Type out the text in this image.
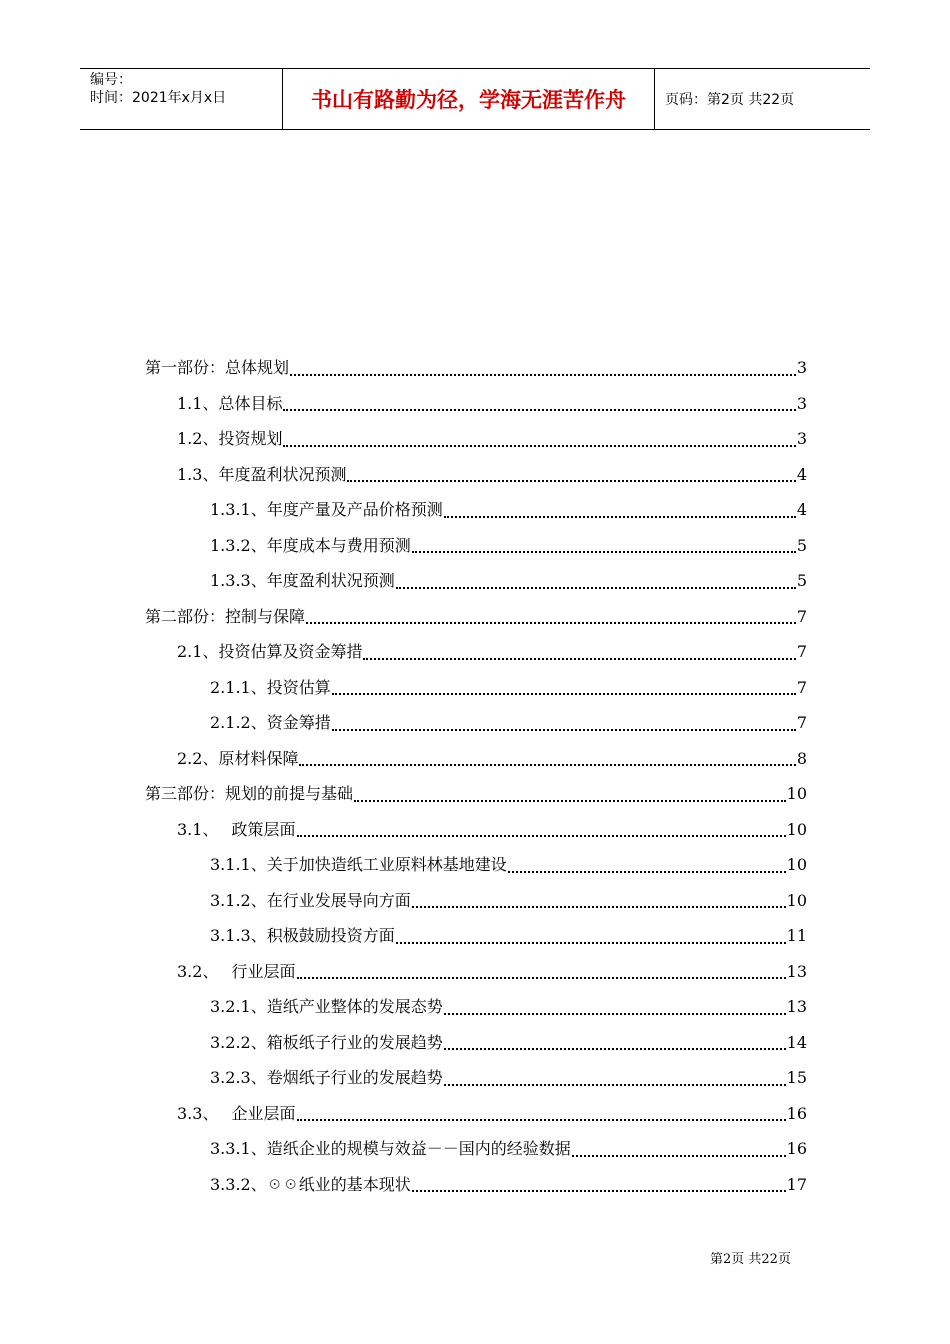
编号：
时间：2021年x月x日	书山有路勤为径，学海无涯苦作舟	页码：第2页 共22页
第一部份：总体规划	3
1.1、总体目标	3
1.2、投资规划	3
1.3、年度盈利状况预测	4
1.3.1、年度产量及产品价格预测	4
1.3.2、年度成本与费用预测	5
1.3.3、年度盈利状况预测	5
第二部份：控制与保障	7
2.1、投资估算及资金筹措	7
2.1.1、投资估算	7
2.1.2、资金筹措	7
2.2、原材料保障	8
第三部份：规划的前提与基础	10
3.1、　 政策层面	10
3.1.1、关于加快造纸工业原料林基地建设	10
3.1.2、在行业发展导向方面	10
3.1.3、积极鼓励投资方面	11
3.2、　 行业层面	13
3.2.1、造纸产业整体的发展态势	13
3.2.2、箱板纸子行业的发展趋势	14
3.2.3、卷烟纸子行业的发展趋势	15
3.3、　 企业层面	16
3.3.1、造纸企业的规模与效益－－国内的经验数据	16
3.3.2、☉☉纸业的基本现状	17
第2页 共22页
